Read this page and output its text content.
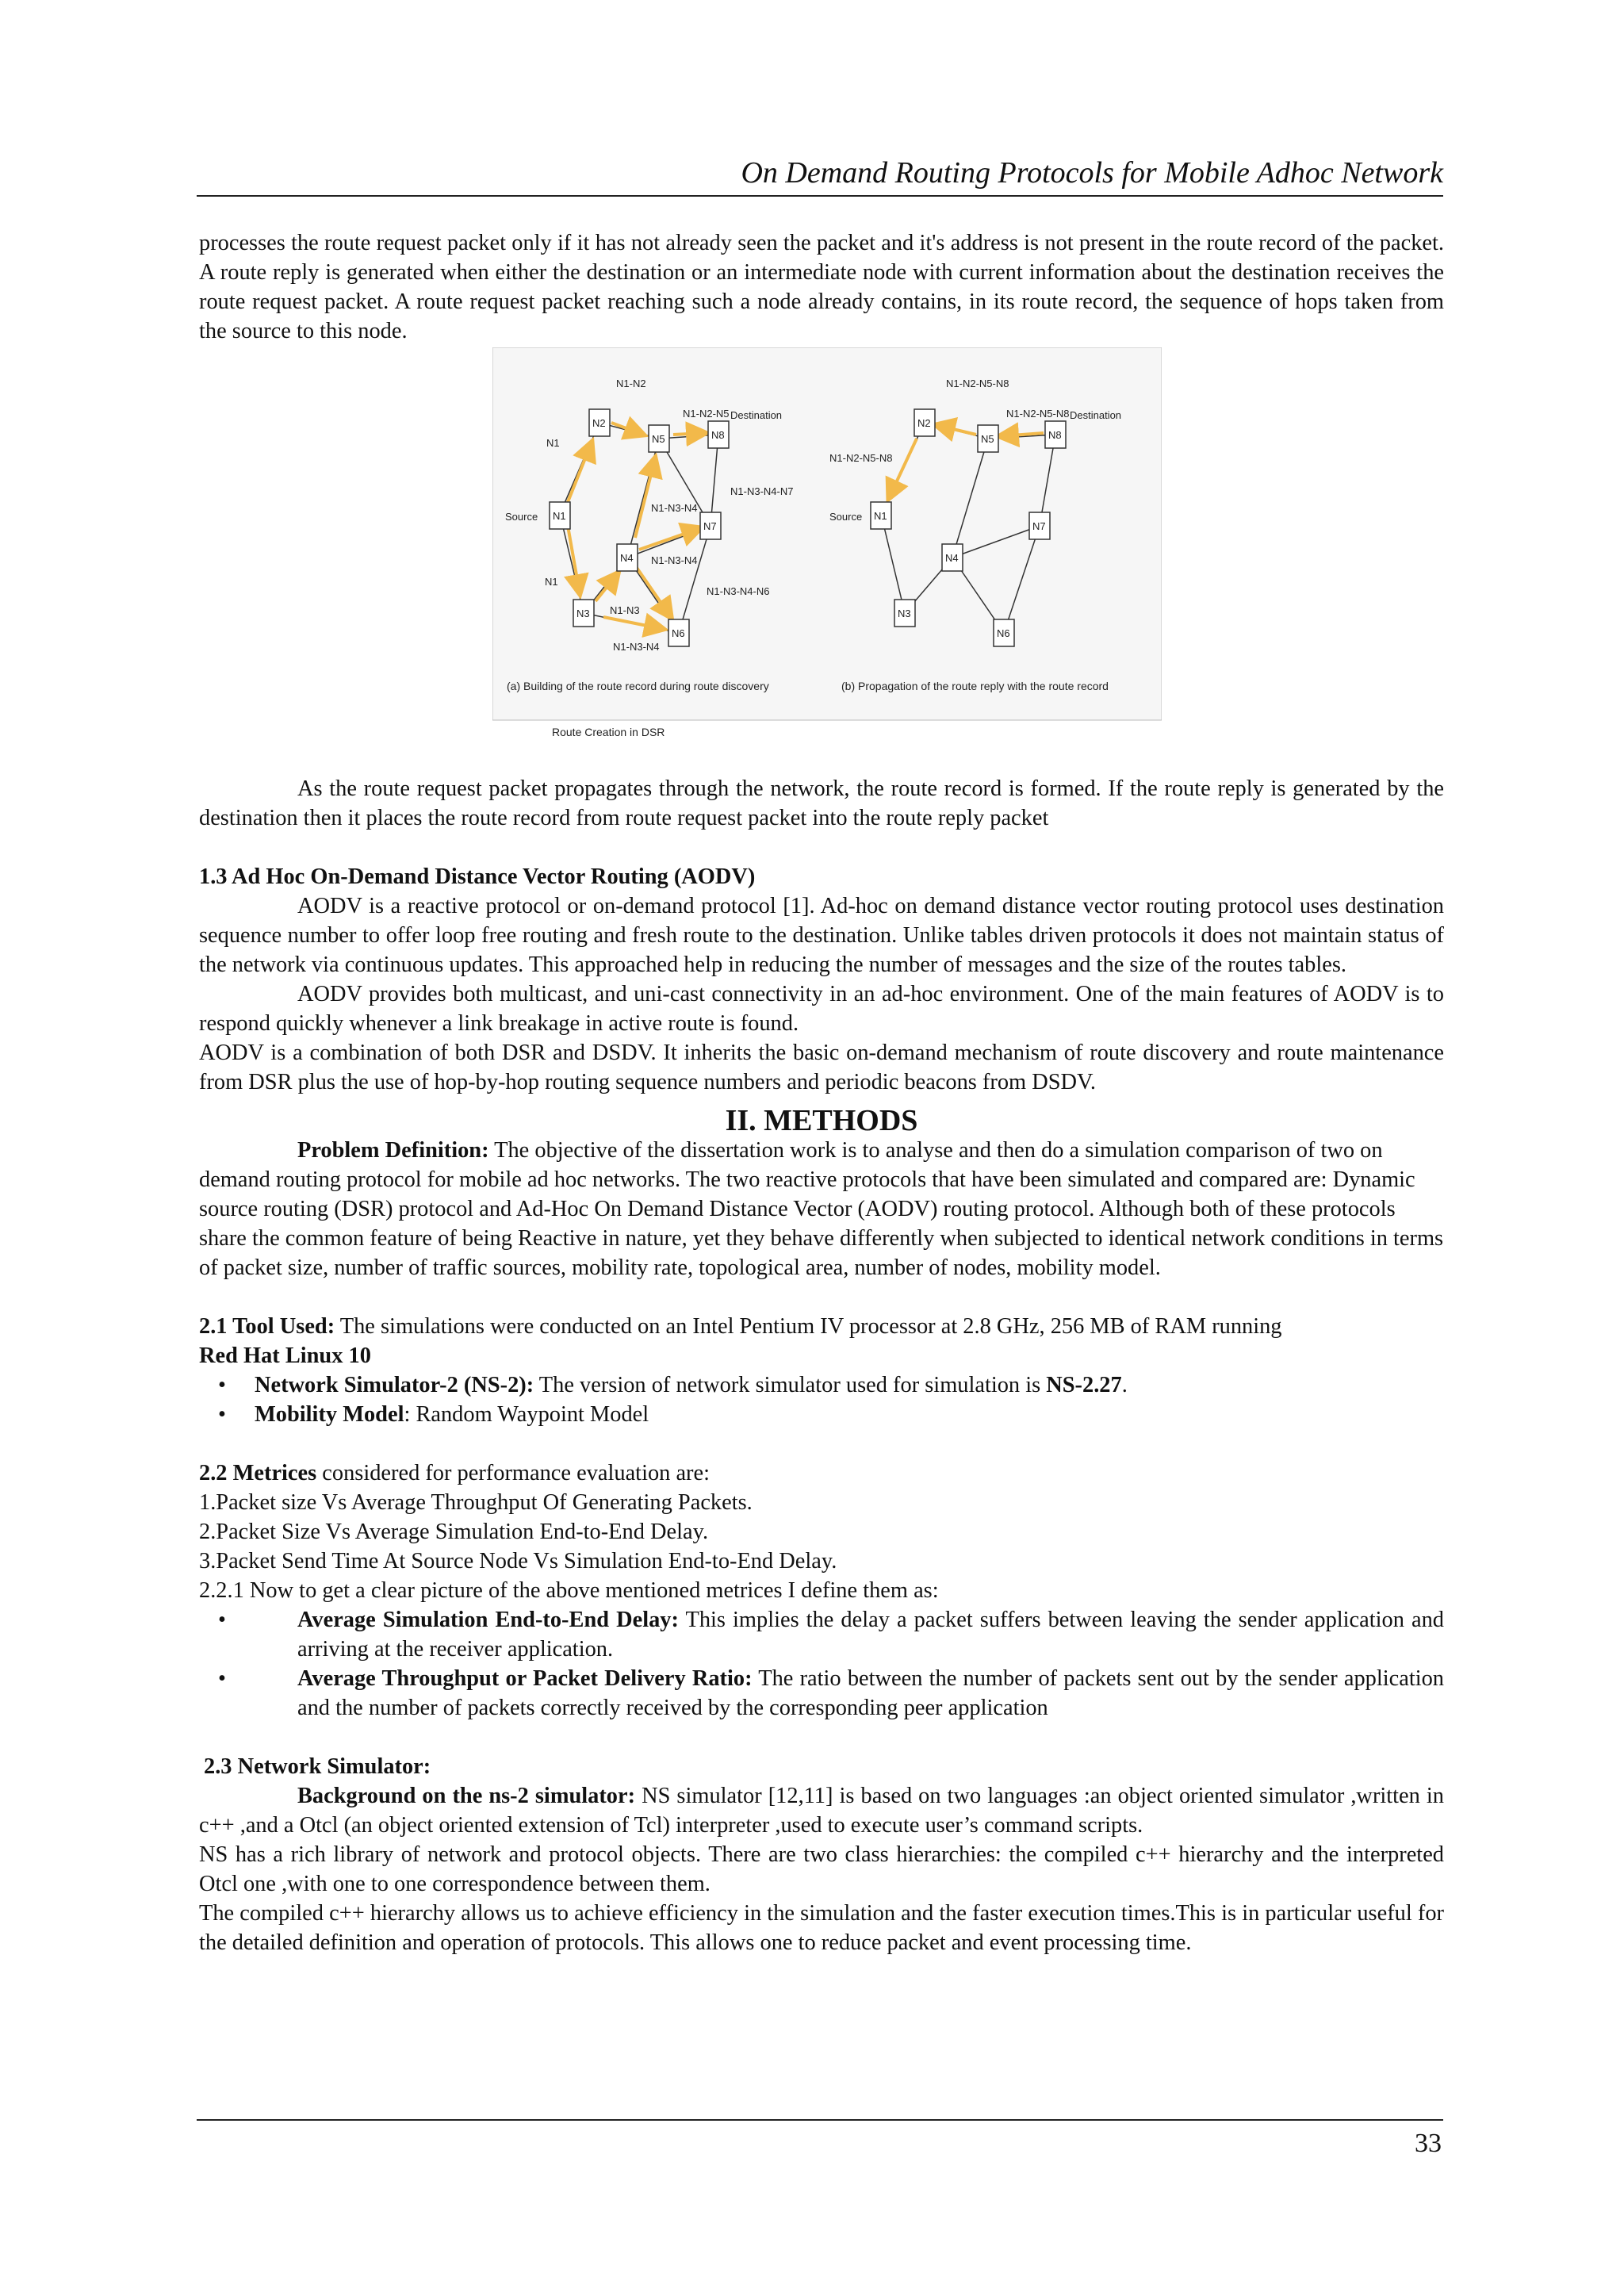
On Demand Routing Protocols for Mobile Adhoc Network

processes the route request packet only if it has not already seen the packet and it's address is not present in the route record of the packet. A route reply is generated when either the destination or an intermediate node with current information about the destination receives the route request packet. A route request packet reaching such a node already contains, in its route record, the sequence of hops taken from the source to this node.

N1
N2
N3
N4
N5
N6
N7
N8
Source
Destination
N1
N1
N1-N2
N1-N2-N5
N1-N3-N4-N7
N1-N3-N4
N1-N3-N4
N1-N3-N4-N6
N1-N3
N1-N3-N4
N1
N2
N3
N4
N5
N6
N7
N8
Source
Destination
N1-N2-N5-N8
N1-N2-N5-N8
N1-N2-N5-N8
(a) Building of the route record during route discovery	(b) Propagation of the route reply with the route record
Route Creation in DSR

As the route request packet propagates through the network, the route record is formed. If the route reply is generated by the destination then it places the route record from route request packet into the route reply packet

1.3 Ad Hoc On-Demand Distance Vector Routing (AODV)

AODV is a reactive protocol or on-demand protocol [1]. Ad-hoc on demand distance vector routing protocol uses destination sequence number to offer loop free routing and fresh route to the destination. Unlike tables driven protocols it does not maintain status of the network via continuous updates. This approached help in reducing the number of messages and the size of the routes tables.

AODV provides both multicast, and uni-cast connectivity in an ad-hoc environment. One of the main features of AODV is to respond quickly whenever a link breakage in active route is found.

AODV is a combination of both DSR and DSDV. It inherits the basic on-demand mechanism of route discovery and route maintenance from DSR plus the use of hop-by-hop routing sequence numbers and periodic beacons from DSDV.

II. METHODS

Problem Definition: The objective of the dissertation work is to analyse and then do a simulation comparison of two on demand routing protocol for mobile ad hoc networks. The two reactive protocols that have been simulated and compared are: Dynamic source routing (DSR) protocol and Ad-Hoc On Demand Distance Vector (AODV) routing protocol. Although both of these protocols share the common feature of being Reactive in nature, yet they behave differently when subjected to identical network conditions in terms of packet size, number of traffic sources, mobility rate, topological area, number of nodes, mobility model.

2.1 Tool Used: The simulations were conducted on an Intel Pentium IV processor at 2.8 GHz, 256 MB of RAM running
Red Hat Linux 10

• Network Simulator-2 (NS-2): The version of network simulator used for simulation is NS-2.27.
• Mobility Model: Random Waypoint Model

2.2 Metrices considered for performance evaluation are:

1.Packet size Vs Average Throughput Of Generating Packets.

2.Packet Size Vs Average Simulation End-to-End Delay.

3.Packet Send Time At Source Node Vs Simulation End-to-End Delay.

2.2.1 Now to get a clear picture of the above mentioned metrices I define them as:

• Average Simulation End-to-End Delay: This implies the delay a packet suffers between leaving the sender application and arriving at the receiver application.
• Average Throughput or Packet Delivery Ratio: The ratio between the number of packets sent out by the sender application and the number of packets correctly received by the corresponding peer application

2.3 Network Simulator:

Background on the ns-2 simulator: NS simulator [12,11] is based on two languages :an object oriented simulator ,written in c++ ,and a Otcl (an object oriented extension of Tcl) interpreter ,used to execute user’s command scripts.

NS has a rich library of network and protocol objects. There are two class hierarchies: the compiled c++ hierarchy and the interpreted Otcl one ,with one to one correspondence between them.

The compiled c++ hierarchy allows us to achieve efficiency in the simulation and the faster execution times.This is in particular useful for the detailed definition and operation of protocols. This allows one to reduce packet and event processing time.

33
